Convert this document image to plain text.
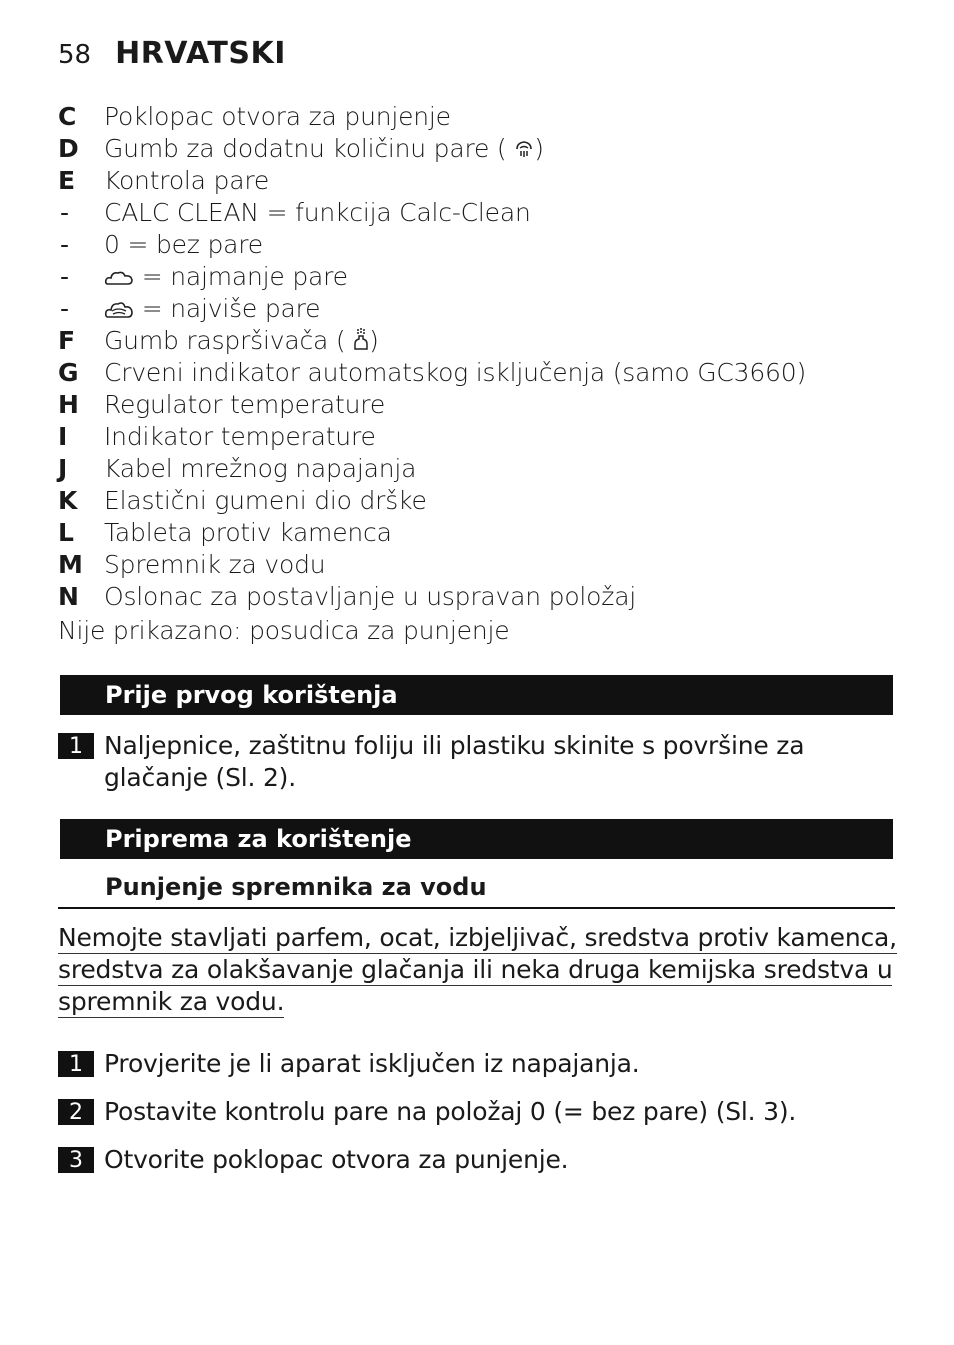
58 HRVATSKI
C	Poklopac otvora za punjenje
D	Gumb za dodatnu količinu pare ( )
E	Kontrola pare
-	CALC CLEAN = funkcija Calc-Clean
-	0 = bez pare
-	= najmanje pare
-	= najviše pare
F	Gumb raspršivača ( )
G	Crveni indikator automatskog isključenja (samo GC3660)
H	Regulator temperature
I	Indikator temperature
J	Kabel mrežnog napajanja
K	Elastični gumeni dio drške
L	Tableta protiv kamenca
M Spremnik za vodu
N	Oslonac za postavljanje u uspravan položaj
Nije prikazano: posudica za punjenje
Prije prvog korištenja
1 Naljepnice, zaštitnu foliju ili plastiku skinite s površine za
glačanje (Sl. 2).
Priprema za korištenje
Punjenje spremnika za vodu
Nemojte stavljati parfem, ocat, izbjeljivač, sredstva protiv kamenca,
sredstva za olakšavanje glačanja ili neka druga kemijska sredstva u
spremnik za vodu.
1 Provjerite je li aparat isključen iz napajanja.
2 Postavite kontrolu pare na položaj 0 (= bez pare) (Sl. 3).
3 Otvorite poklopac otvora za punjenje.
